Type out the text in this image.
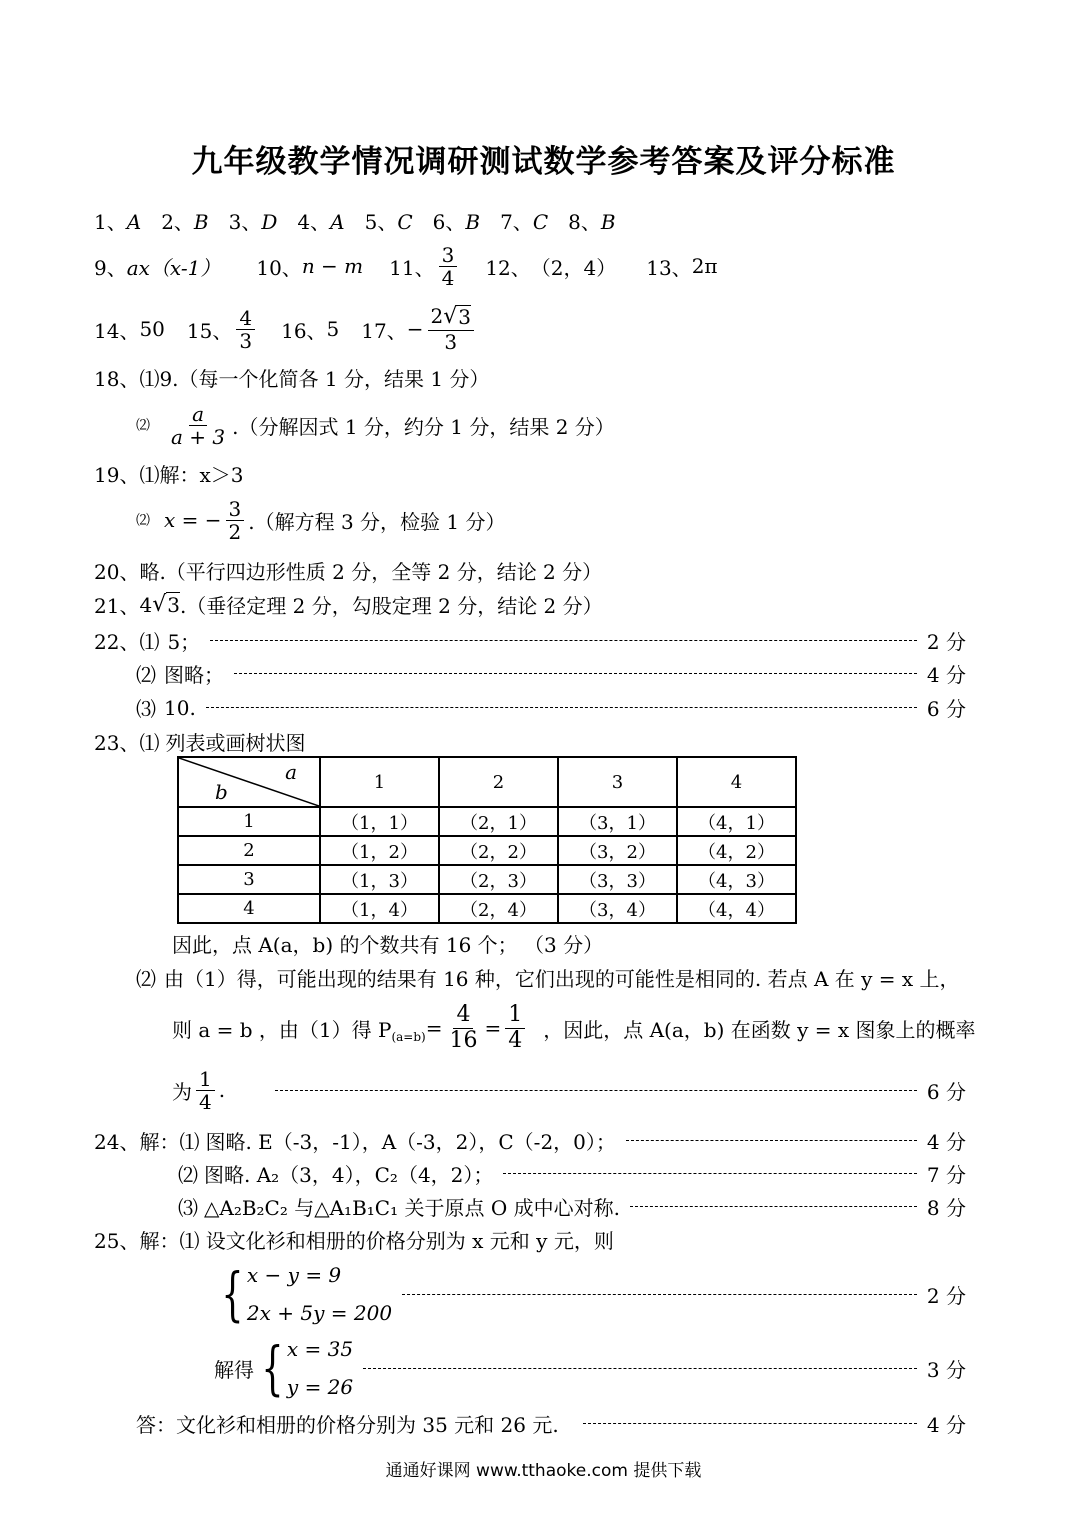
九年级教学情况调研测试数学参考答案及评分标准
1、A 2、B 3、D 4、A 5、C 6、B 7、C 8、B
9、 ax（x-1） 10、 n − m 11、 $\frac{3}{4} 12$、 （2，4） 13、 2π
14、 50 15、 $\frac{4}{3} 16$、 5 17、 − $\frac{2 √ 3}{3}$
18、⑴ 9.（每一个化简各 1 分，结果 1 分）
⑵ $\frac{a}{a + 3}$ .（分解因式 1 分，约分 1 分，结果 2 分）
19、⑴ 解：x＞3
⑵ x = − $\frac{3}{2}$ .（解方程 3 分，检验 1 分）
20、 略.（平行四边形性质 2 分，全等 2 分，结论 2 分）
21、 4 √ 3 .（垂径定理 2 分，勾股定理 2 分，结论 2 分）
22、 ⑴ 5；	2 分
⑵ 图略；	4 分
⑶ 10.	6 分
23、⑴ 列表或画树状图
a
b	1	2	3	4
1	（1，1）	（2，1）	（3，1）	（4，1）
2	（1，2）	（2，2）	（3，2）	（4，2）
3	（1，3）	（2，3）	（3，3）	（4，3）
4	（1，4）	（2，4）	（3，4）	（4，4）
因此，点 A(a，b) 的个数共有 16 个； （3 分）
⑵ 由（1）得，可能出现的结果有 16 种，它们出现的可能性是相同的. 若点 A 在 y = x 上，
则 a = b ，由（1）得 P $(a=b) = \frac{4}{16} = \frac{1}{4}$ ，因此，点 A(a，b) 在函数 y = x 图象上的概率
为 $\frac{1}{4}$ .	6 分
24、解： ⑴ 图略. E（-3，-1），A（-3，2），C（-2，0）；	4 分
⑵ 图略. A₂（3，4），C₂（4，2）；	7 分
⑶ △A₂B₂C₂ 与△A₁B₁C₁ 关于原点 O 成中心对称.	8 分
25、解： ⑴ 设文化衫和相册的价格分别为 x 元和 y 元，则
{ x − y = 9
2x + 5y = 200
2 分
解得 { x = 35
y = 26
3 分
答：文化衫和相册的价格分别为 35 元和 26 元.	4 分
通通好课网 www.tthaoke.com 提供下载
